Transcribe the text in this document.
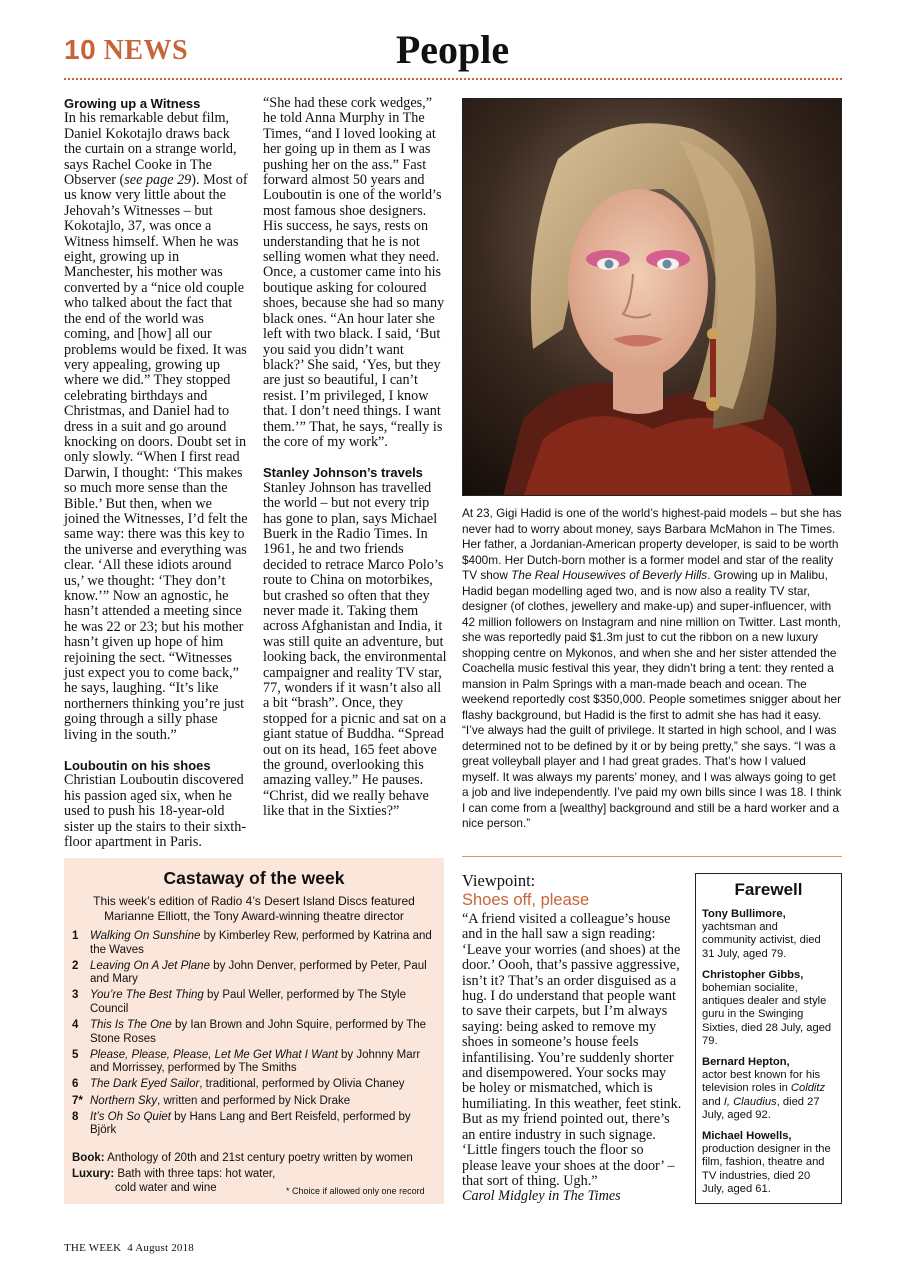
10 NEWS	People
Growing up a Witness

In his remarkable debut film, Daniel Kokotajlo draws back the curtain on a strange world, says Rachel Cooke in The Observer (see page 29). Most of us know very little about the Jehovah’s Witnesses – but Kokotajlo, 37, was once a Witness himself. When he was eight, growing up in Manchester, his mother was converted by a “nice old couple who talked about the fact that the end of the world was coming, and [how] all our problems would be fixed. It was very appealing, growing up where we did.” They stopped celebrating birthdays and Christmas, and Daniel had to dress in a suit and go around knocking on doors. Doubt set in only slowly. “When I first read Darwin, I thought: ‘This makes so much more sense than the Bible.’ But then, when we joined the Witnesses, I’d felt the same way: there was this key to the universe and everything was clear. ‘All these idiots around us,’ we thought: ‘They don’t know.’” Now an agnostic, he hasn’t attended a meeting since he was 22 or 23; but his mother hasn’t given up hope of him rejoining the sect. “Witnesses just expect you to come back,” he says, laughing. “It’s like northerners thinking you’re just going through a silly phase living in the south.”

Louboutin on his shoes

Christian Louboutin discovered his passion aged six, when he used to push his 18-year-old sister up the stairs to their sixth-floor apartment in Paris.

“She had these cork wedges,” he told Anna Murphy in The Times, “and I loved looking at her going up in them as I was pushing her on the ass.” Fast forward almost 50 years and Louboutin is one of the world’s most famous shoe designers. His success, he says, rests on understanding that he is not selling women what they need. Once, a customer came into his boutique asking for coloured shoes, because she had so many black ones. “An hour later she left with two black. I said, ‘But you said you didn’t want black?’ She said, ‘Yes, but they are just so beautiful, I can’t resist. I’m privileged, I know that. I don’t need things. I want them.’” That, he says, “really is the core of my work”.

Stanley Johnson’s travels

Stanley Johnson has travelled the world – but not every trip has gone to plan, says Michael Buerk in the Radio Times. In 1961, he and two friends decided to retrace Marco Polo’s route to China on motorbikes, but crashed so often that they never made it. Taking them across Afghanistan and India, it was still quite an adventure, but looking back, the environmental campaigner and reality TV star, 77, wonders if it wasn’t also all a bit “brash”. Once, they stopped for a picnic and sat on a giant statue of Buddha. “Spread out on its head, 165 feet above the ground, overlooking this amazing valley.” He pauses. “Christ, did we really behave like that in the Sixties?”

At 23, Gigi Hadid is one of the world’s highest-paid models – but she has never had to worry about money, says Barbara McMahon in The Times. Her father, a Jordanian-American property developer, is said to be worth $400m. Her Dutch-born mother is a former model and star of the reality TV show The Real Housewives of Beverly Hills. Growing up in Malibu, Hadid began modelling aged two, and is now also a reality TV star, designer (of clothes, jewellery and make-up) and super-influencer, with 42 million followers on Instagram and nine million on Twitter. Last month, she was reportedly paid $1.3m just to cut the ribbon on a new luxury shopping centre on Mykonos, and when she and her sister attended the Coachella music festival this year, they didn’t bring a tent: they rented a mansion in Palm Springs with a man-made beach and ocean. The weekend reportedly cost $350,000. People sometimes snigger about her flashy background, but Hadid is the first to admit she has had it easy. “I’ve always had the guilt of privilege. It started in high school, and I was determined not to be defined by it or by being pretty,” she says. “I was a great volleyball player and I had great grades. That’s how I valued myself. It was always my parents’ money, and I was always going to get a job and live independently. I’ve paid my own bills since I was 18. I think I can come from a [wealthy] background and still be a hard worker and a nice person.”
Castaway of the week
This week’s edition of Radio 4’s Desert Island Discs featured Marianne Elliott, the Tony Award-winning theatre director
1 Walking On Sunshine by Kimberley Rew, performed by Katrina and the Waves
2 Leaving On A Jet Plane by John Denver, performed by Peter, Paul and Mary
3 You’re The Best Thing by Paul Weller, performed by The Style Council
4 This Is The One by Ian Brown and John Squire, performed by The Stone Roses
5 Please, Please, Please, Let Me Get What I Want by Johnny Marr and Morrissey, performed by The Smiths
6 The Dark Eyed Sailor, traditional, performed by Olivia Chaney
7* Northern Sky, written and performed by Nick Drake
8 It’s Oh So Quiet by Hans Lang and Bert Reisfeld, performed by Björk
Book: Anthology of 20th and 21st century poetry written by women
Luxury: Bath with three taps: hot water,
cold water and wine	* Choice if allowed only one record
Viewpoint:
Shoes off, please

“A friend visited a colleague’s house and in the hall saw a sign reading: ‘Leave your worries (and shoes) at the door.’ Oooh, that’s passive aggressive, isn’t it? That’s an order disguised as a hug. I do understand that people want to save their carpets, but I’m always saying: being asked to remove my shoes in someone’s house feels infantilising. You’re suddenly shorter and disempowered. Your socks may be holey or mismatched, which is humiliating. In this weather, feet stink. But as my friend pointed out, there’s an entire industry in such signage. ‘Little fingers touch the floor so please leave your shoes at the door’ – that sort of thing. Ugh.”

Carol Midgley in The Times
Farewell
Tony Bullimore,
yachtsman and community activist, died 31 July, aged 79.
Christopher Gibbs,
bohemian socialite, antiques dealer and style guru in the Swinging Sixties, died 28 July, aged 79.
Bernard Hepton,
actor best known for his television roles in Colditz and I, Claudius, died 27 July, aged 92.
Michael Howells,
production designer in the film, fashion, theatre and TV industries, died 20 July, aged 61.
THE WEEK 4 August 2018
